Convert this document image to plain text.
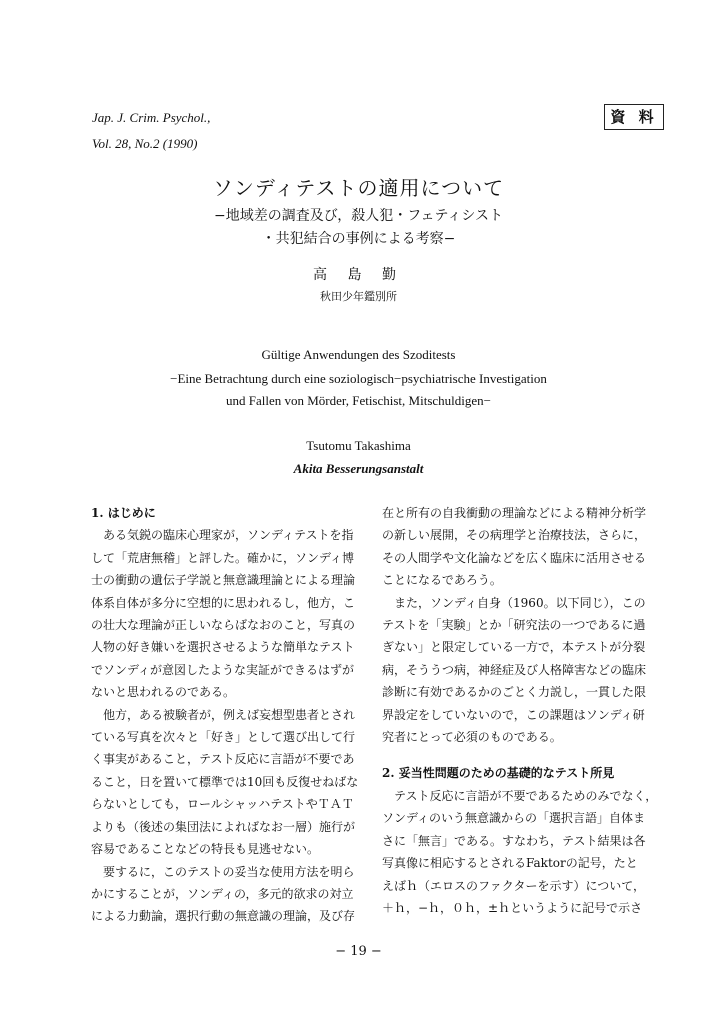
Jap. J. Crim. Psychol.,
Vol. 28, No.2 (1990)
資 料
ソンディテストの適用について
−地域差の調査及び，殺人犯・フェティシスト
・共犯結合の事例による考察−
高 島 勤
秋田少年鑑別所
Gültige Anwendungen des Szoditests
−Eine Betrachtung durch eine soziologisch−psychiatrische Investigation
und Fallen von Mörder, Fetischist, Mitschuldigen−
Tsutomu Takashima
Akita Besserungsanstalt
1. はじめに
　ある気鋭の臨床心理家が，ソンディテストを指
して「荒唐無稽」と評した。確かに，ソンディ博
士の衝動の遺伝子学説と無意識理論とによる理論
体系自体が多分に空想的に思われるし，他方，こ
の壮大な理論が正しいならばなおのこと，写真の
人物の好き嫌いを選択させるような簡単なテスト
でソンディが意図したような実証ができるはずが
ないと思われるのである。
　他方，ある被験者が，例えば妄想型患者とされ
ている写真を次々と「好き」として選び出して行
く事実があること，テスト反応に言語が不要であ
ること，日を置いて標準では10回も反復せねばな
らないとしても，ロールシャッハテストやＴＡＴ
よりも（後述の集団法によればなお一層）施行が
容易であることなどの特長も見逃せない。
　要するに，このテストの妥当な使用方法を明ら
かにすることが，ソンディの，多元的欲求の対立
による力動論，選択行動の無意識の理論，及び存
在と所有の自我衝動の理論などによる精神分析学
の新しい展開，その病理学と治療技法，さらに，
その人間学や文化論などを広く臨床に活用させる
ことになるであろう。
　また，ソンディ自身（1960。以下同じ），この
テストを「実験」とか「研究法の一つであるに過
ぎない」と限定している一方で，本テストが分裂
病，そううつ病，神経症及び人格障害などの臨床
診断に有効であるかのごとく力説し，一貫した限
界設定をしていないので，この課題はソンディ研
究者にとって必須のものである。
2. 妥当性問題のための基礎的なテスト所見
　テスト反応に言語が不要であるためのみでなく，
ソンディのいう無意識からの「選択言語」自体ま
さに「無言」である。すなわち，テスト結果は各
写真像に相応するとされるFaktorの記号，たと
えばｈ（エロスのファクターを示す）について，
＋ｈ，−ｈ，０ｈ，±ｈというように記号で示さ
− 19 −
